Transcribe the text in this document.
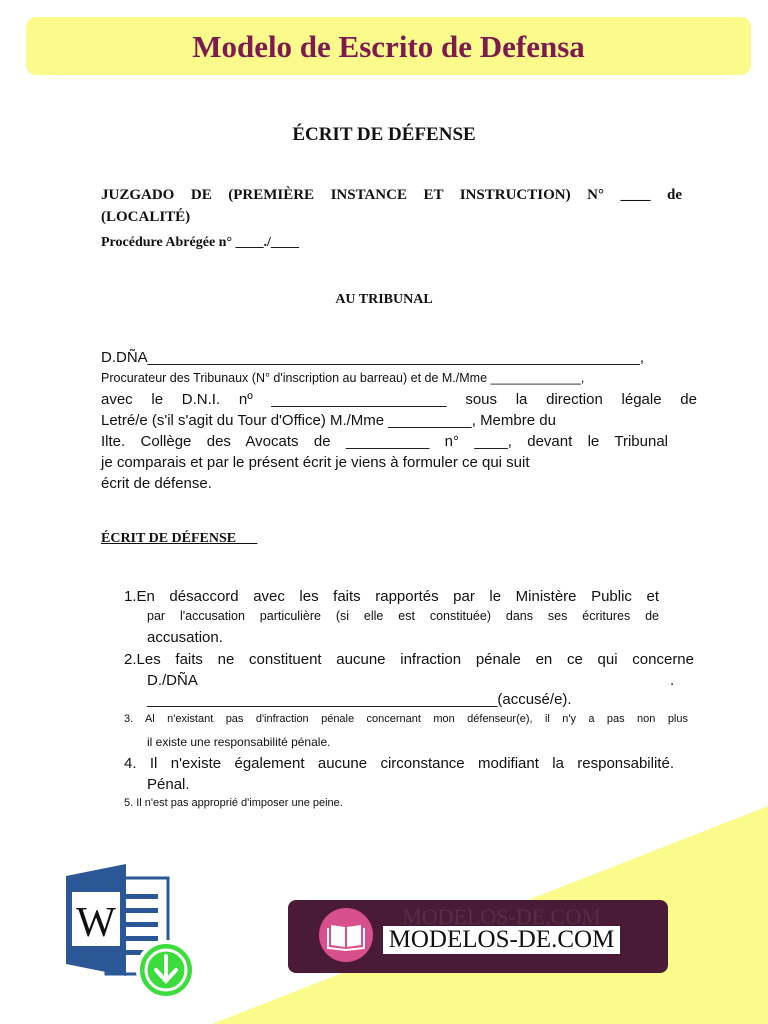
Modelo de Escrito de Defensa
ÉCRIT DE DÉFENSE
JUZGADO DE (PREMIÈRE INSTANCE ET INSTRUCTION) N° ____ de
(LOCALITÉ)
Procédure Abrégée n° ____./____
AU TRIBUNAL
D.DÑA___________________________________________________________,
Procurateur des Tribunaux (N° d'inscription au barreau) et de M./Mme _____________,
avec le D.N.I. nº _____________________ sous la direction légale de
Letré/e (s'il s'agit du Tour d'Office) M./Mme __________, Membre du
Ilte. Collège des Avocats de __________ n° ____, devant le Tribunal
je comparais et par le présent écrit je viens à formuler ce qui suit
écrit de défense.
ÉCRIT DE DÉFENSE___
1.En désaccord avec les faits rapportés par le Ministère Public et
par l'accusation particulière (si elle est constituée) dans ses écritures de
accusation.
2.Les faits ne constituent aucune infraction pénale en ce qui concerne
D./DÑA	.
__________________________________________(accusé/e).
3. Al n'existant pas d'infraction pénale concernant mon défenseur(e), il n'y a pas non plus
il existe une responsabilité pénale.
4. Il n'existe également aucune circonstance modifiant la responsabilité.
Pénal.
5. Il n'est pas approprié d'imposer une peine.
W	MODELOS-DE.COM
MODELOS-DE.COM
